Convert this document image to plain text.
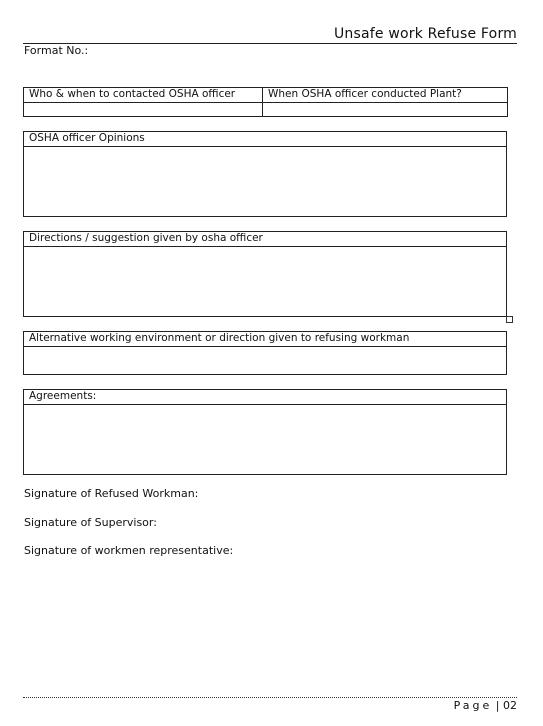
Unsafe work Refuse Form
Format No.:
Who & when to contacted OSHA officer	When OSHA officer conducted Plant?

OSHA officer Opinions
Directions / suggestion given by osha officer
Alternative working environment or direction given to refusing workman
Agreements:
Signature of Refused Workman:
Signature of Supervisor:
Signature of workmen representative:
Page | 02
